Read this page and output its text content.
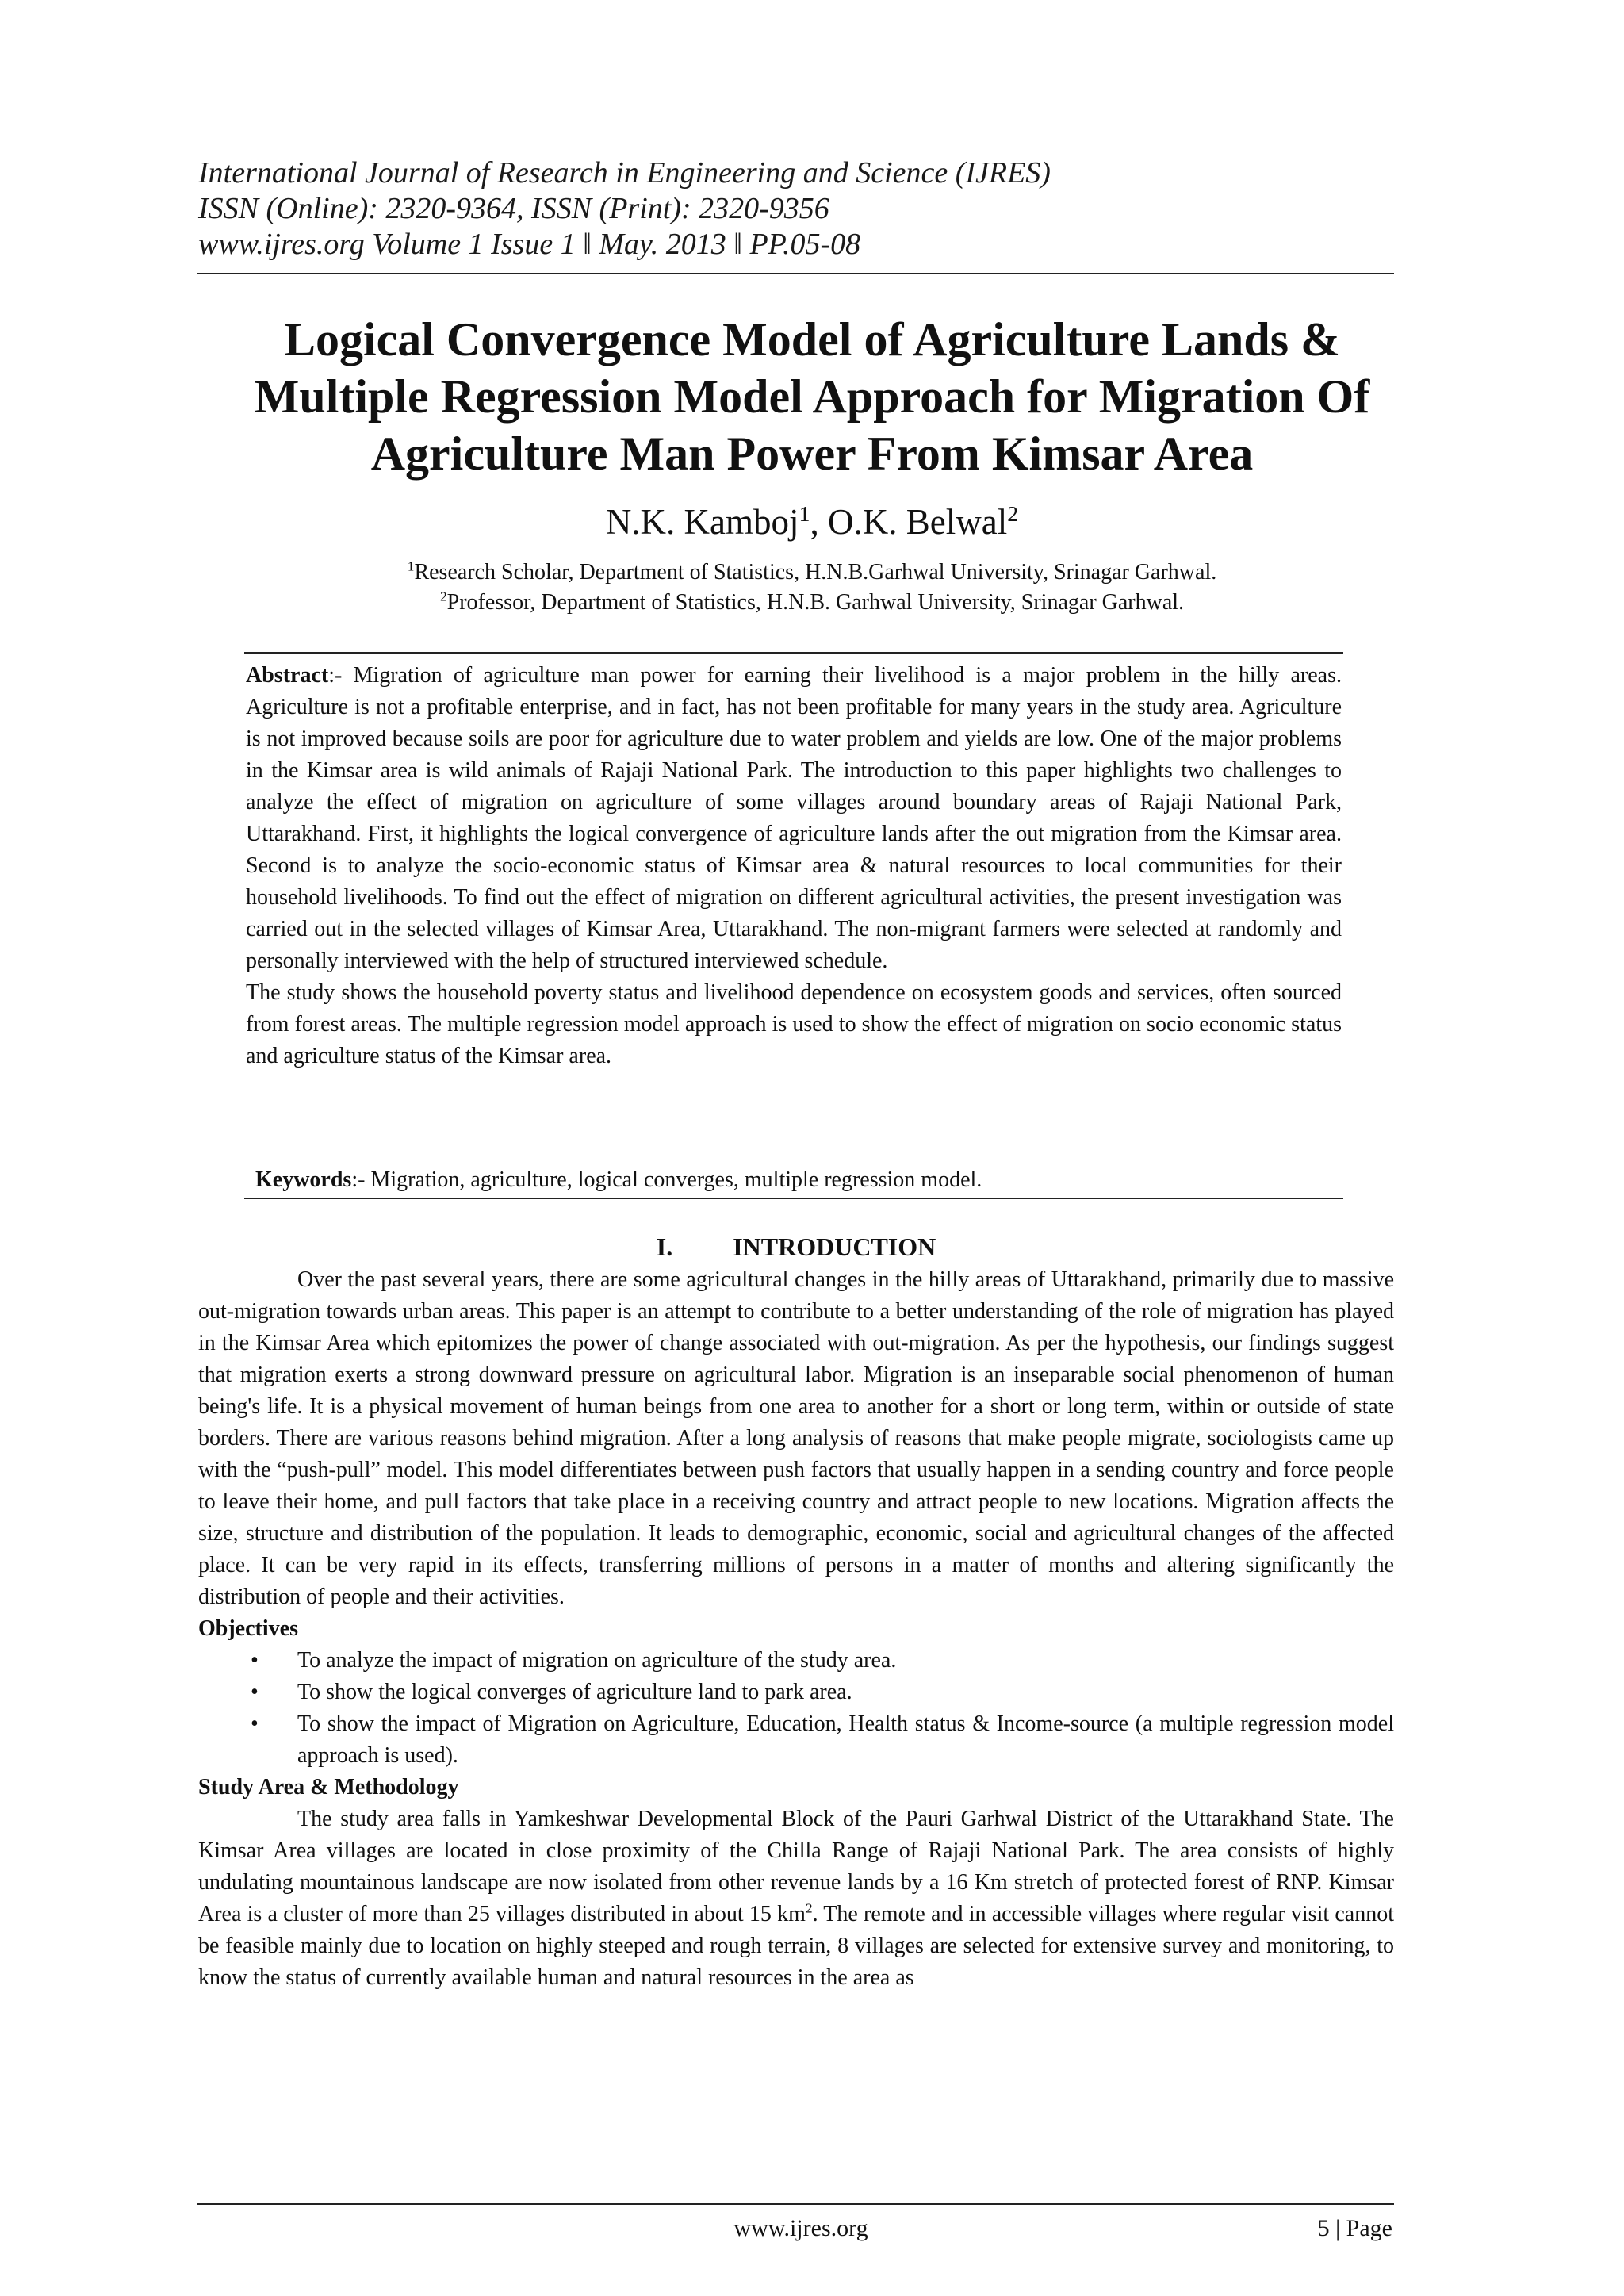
International Journal of Research in Engineering and Science (IJRES)
ISSN (Online): 2320-9364, ISSN (Print): 2320-9356
www.ijres.org Volume 1 Issue 1 ǁ May. 2013 ǁ PP.05-08
Logical Convergence Model of Agriculture Lands &
Multiple Regression Model Approach for Migration Of
Agriculture Man Power From Kimsar Area
N.K. Kamboj$^1$, O.K. Belwal$^2$
$^1$Research Scholar, Department of Statistics, H.N.B.Garhwal University, Srinagar Garhwal.
$^2$Professor, Department of Statistics, H.N.B. Garhwal University, Srinagar Garhwal.

Abstract:- Migration of agriculture man power for earning their livelihood is a major problem in the hilly areas. Agriculture is not a profitable enterprise, and in fact, has not been profitable for many years in the study area. Agriculture is not improved because soils are poor for agriculture due to water problem and yields are low. One of the major problems in the Kimsar area is wild animals of Rajaji National Park. The introduction to this paper highlights two challenges to analyze the effect of migration on agriculture of some villages around boundary areas of Rajaji National Park, Uttarakhand. First, it highlights the logical convergence of agriculture lands after the out migration from the Kimsar area. Second is to analyze the socio-economic status of Kimsar area & natural resources to local communities for their household livelihoods. To find out the effect of migration on different agricultural activities, the present investigation was carried out in the selected villages of Kimsar Area, Uttarakhand. The non-migrant farmers were selected at randomly and personally interviewed with the help of structured interviewed schedule.

The study shows the household poverty status and livelihood dependence on ecosystem goods and services, often sourced from forest areas. The multiple regression model approach is used to show the effect of migration on socio economic status and agriculture status of the Kimsar area.

Keywords:- Migration, agriculture, logical converges, multiple regression model.
I. INTRODUCTION

Over the past several years, there are some agricultural changes in the hilly areas of Uttarakhand, primarily due to massive out-migration towards urban areas. This paper is an attempt to contribute to a better understanding of the role of migration has played in the Kimsar Area which epitomizes the power of change associated with out-migration. As per the hypothesis, our findings suggest that migration exerts a strong downward pressure on agricultural labor. Migration is an inseparable social phenomenon of human being's life. It is a physical movement of human beings from one area to another for a short or long term, within or outside of state borders. There are various reasons behind migration. After a long analysis of reasons that make people migrate, sociologists came up with the “push-pull” model. This model differentiates between push factors that usually happen in a sending country and force people to leave their home, and pull factors that take place in a receiving country and attract people to new locations. Migration affects the size, structure and distribution of the population. It leads to demographic, economic, social and agricultural changes of the affected place. It can be very rapid in its effects, transferring millions of persons in a matter of months and altering significantly the distribution of people and their activities.

Objectives

• To analyze the impact of migration on agriculture of the study area.
• To show the logical converges of agriculture land to park area.
• To show the impact of Migration on Agriculture, Education, Health status & Income-source (a multiple regression model approach is used).

Study Area & Methodology

The study area falls in Yamkeshwar Developmental Block of the Pauri Garhwal District of the Uttarakhand State. The Kimsar Area villages are located in close proximity of the Chilla Range of Rajaji National Park. The area consists of highly undulating mountainous landscape are now isolated from other revenue lands by a 16 Km stretch of protected forest of RNP. Kimsar Area is a cluster of more than 25 villages distributed in about 15 $km^2$. The remote and in accessible villages where regular visit cannot be feasible mainly due to location on highly steeped and rough terrain, 8 villages are selected for extensive survey and monitoring, to know the status of currently available human and natural resources in the area as

www.ijres.org	5 | Page
